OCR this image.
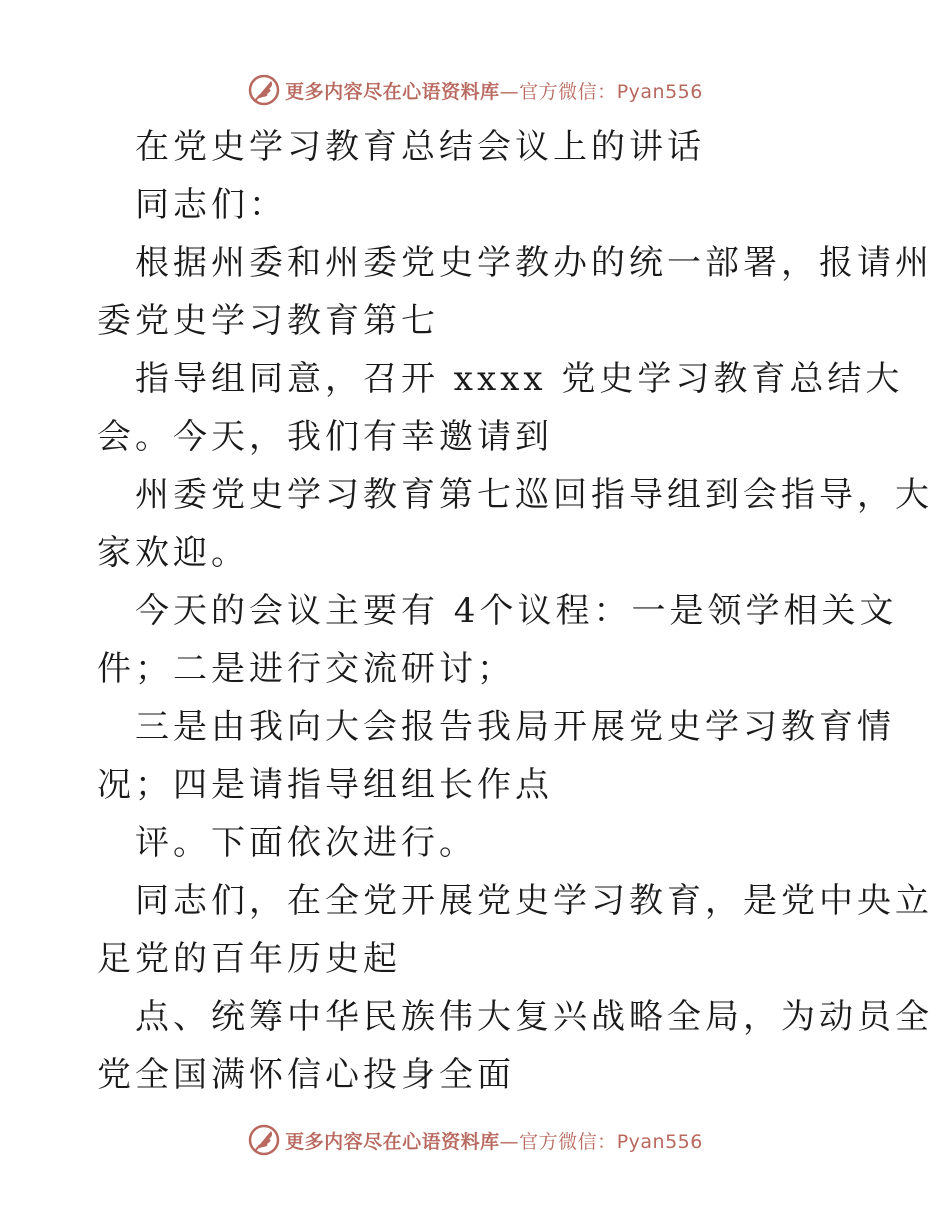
更多内容尽在心语资料库—官方微信：Pyan556
在党史学习教育总结会议上的讲话
同志们：
根据州委和州委党史学教办的统一部署，报请州
委党史学习教育第七
指导组同意，召开 xxxx 党史学习教育总结大
会。今天，我们有幸邀请到
州委党史学习教育第七巡回指导组到会指导，大
家欢迎。
今天的会议主要有 4个议程：一是领学相关文
件；二是进行交流研讨；
三是由我向大会报告我局开展党史学习教育情
况；四是请指导组组长作点
评。下面依次进行。
同志们，在全党开展党史学习教育，是党中央立
足党的百年历史起
点、统筹中华民族伟大复兴战略全局，为动员全
党全国满怀信心投身全面
更多内容尽在心语资料库—官方微信：Pyan556
